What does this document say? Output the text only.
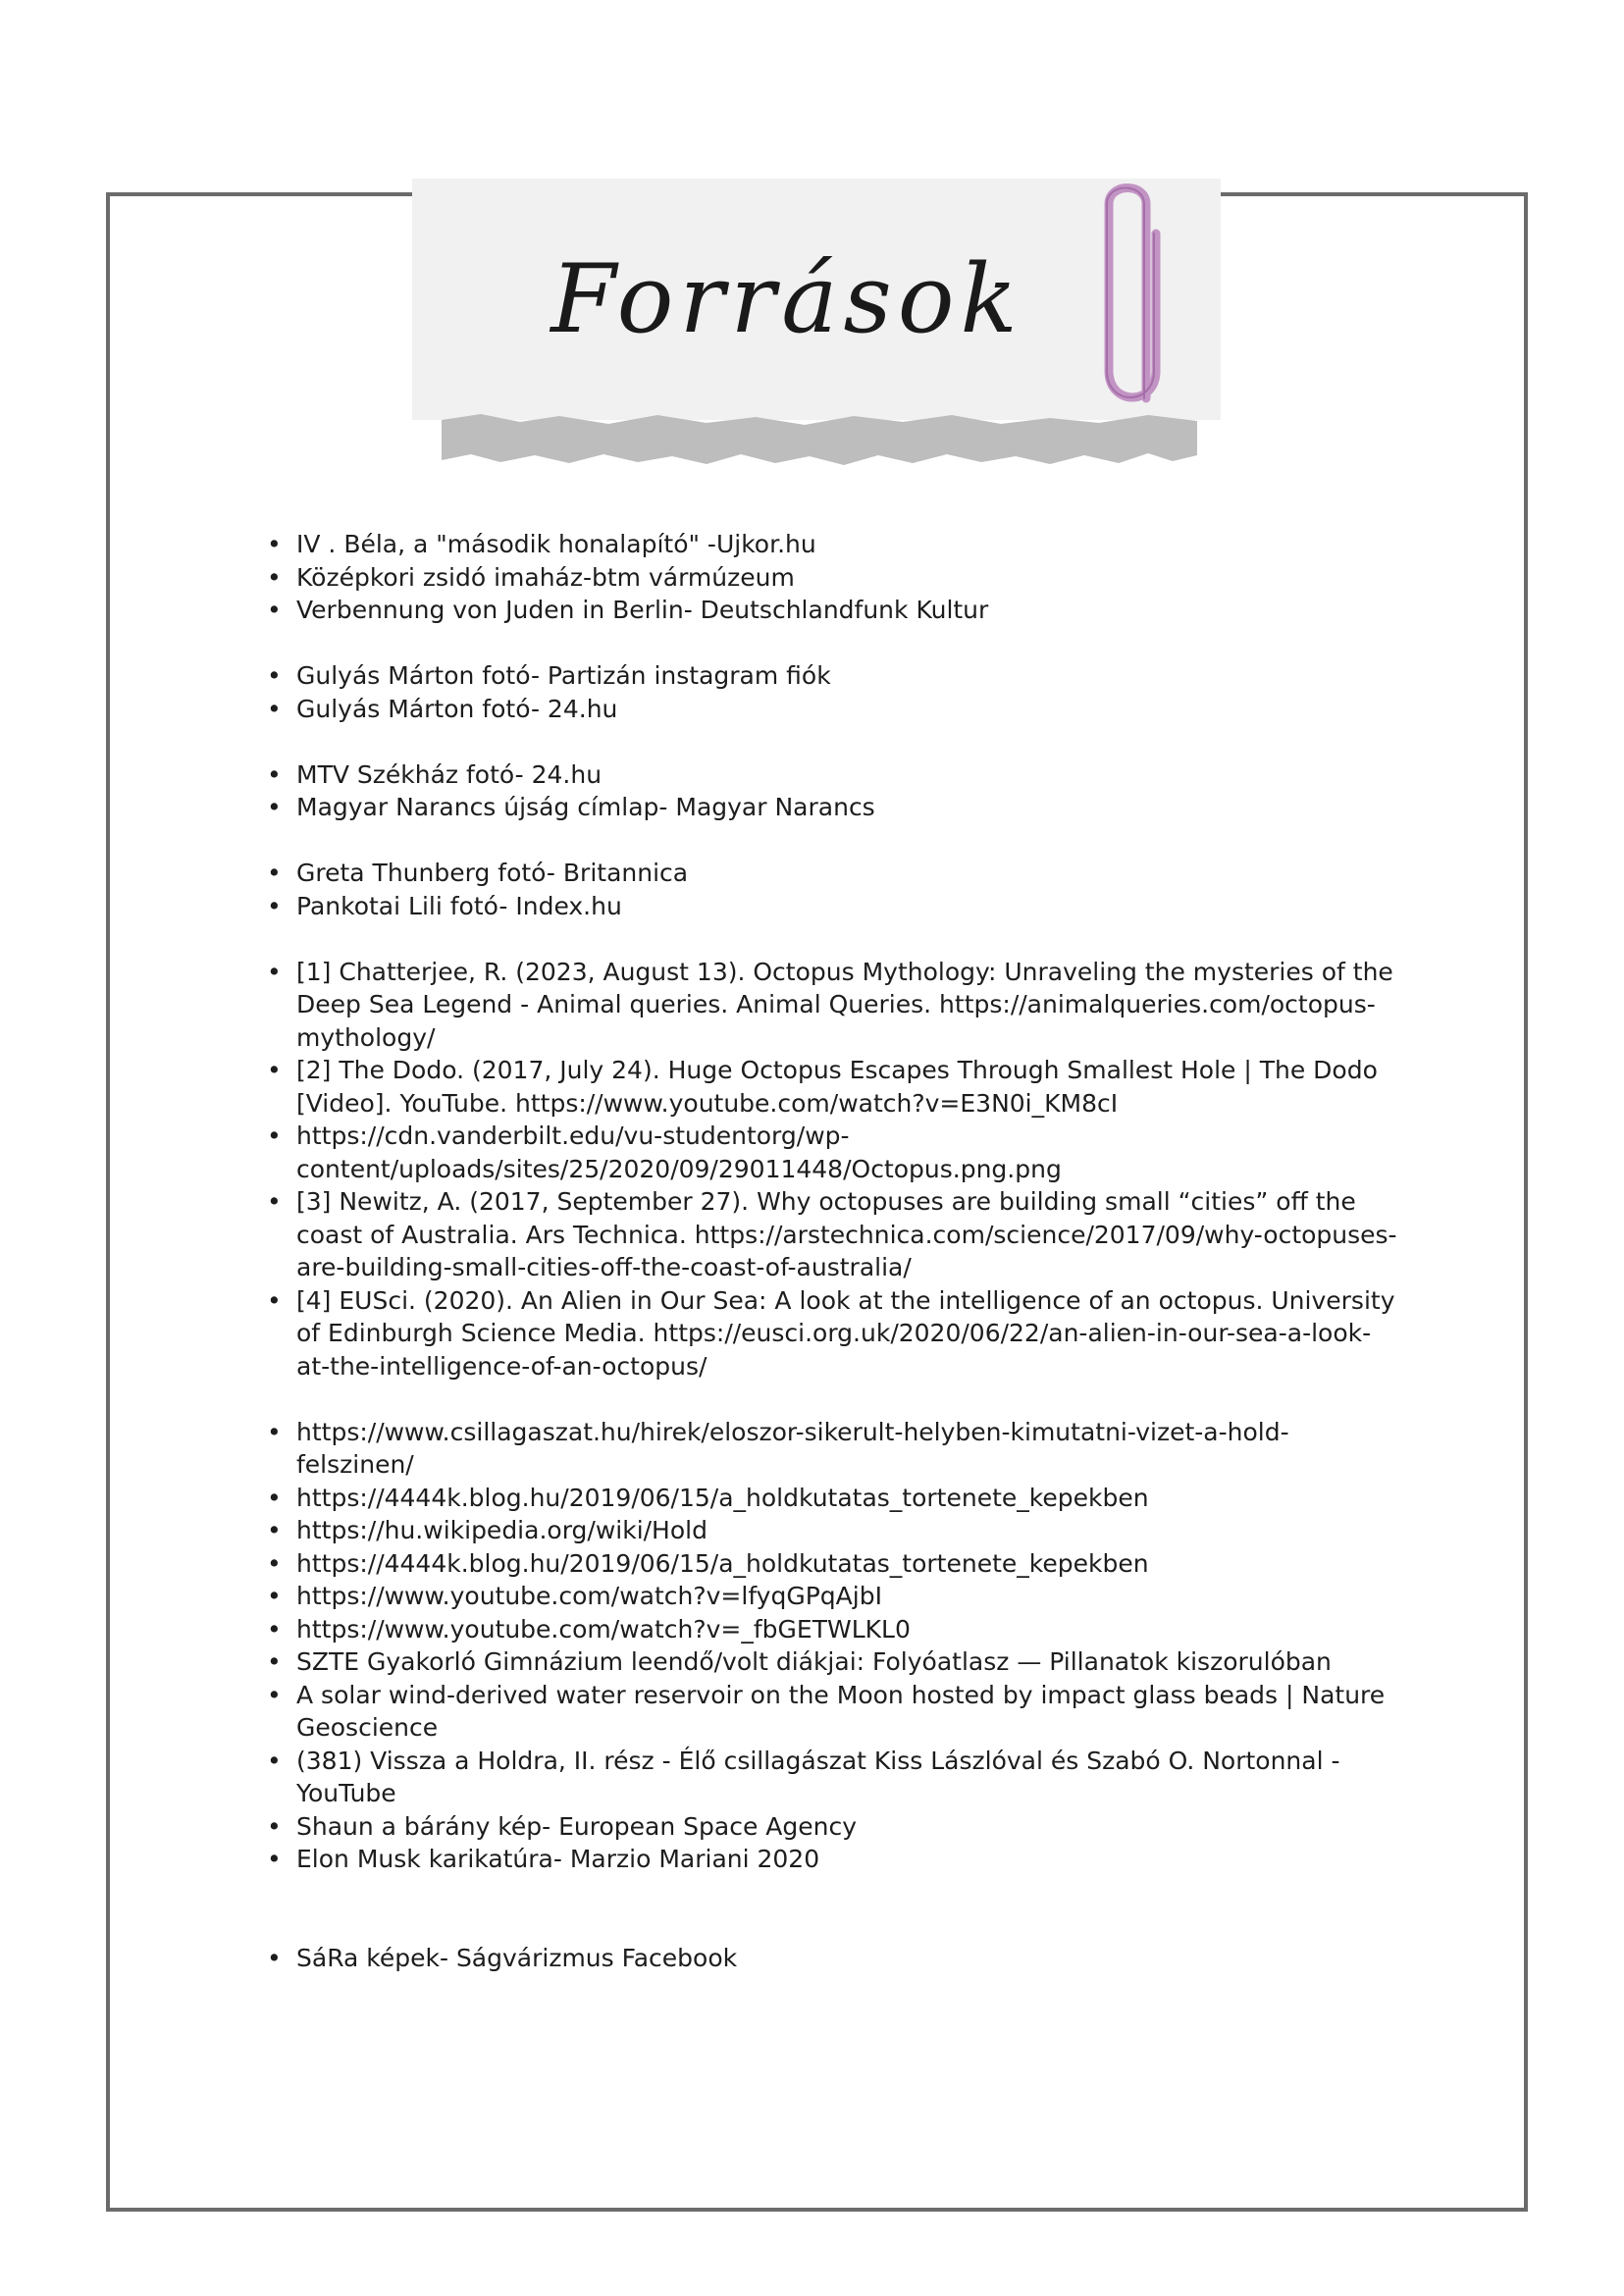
Források
• IV . Béla, a "második honalapító" -Ujkor.hu
• Középkori zsidó imaház-btm vármúzeum
• Verbennung von Juden in Berlin- Deutschlandfunk Kultur
• Gulyás Márton fotó- Partizán instagram fiók
• Gulyás Márton fotó- 24.hu
• MTV Székház fotó- 24.hu
• Magyar Narancs újság címlap- Magyar Narancs
• Greta Thunberg fotó- Britannica
• Pankotai Lili fotó- Index.hu
• [1] Chatterjee, R. (2023, August 13). Octopus Mythology: Unraveling the mysteries of the Deep Sea Legend - Animal queries. Animal Queries. https://animalqueries.com/octopus-mythology/
• [2] The Dodo. (2017, July 24). Huge Octopus Escapes Through Smallest Hole | The Dodo [Video]. YouTube. https://www.youtube.com/watch?v=E3N0i_KM8cI
• https://cdn.vanderbilt.edu/vu-studentorg/wp-content/uploads/sites/25/2020/09/29011448/Octopus.png.png
• [3] Newitz, A. (2017, September 27). Why octopuses are building small “cities” off the coast of Australia. Ars Technica. https://arstechnica.com/science/2017/09/why-octopuses-are-building-small-cities-off-the-coast-of-australia/
• [4] EUSci. (2020). An Alien in Our Sea: A look at the intelligence of an octopus. University of Edinburgh Science Media. https://eusci.org.uk/2020/06/22/an-alien-in-our-sea-a-look-at-the-intelligence-of-an-octopus/
• https://www.csillagaszat.hu/hirek/eloszor-sikerult-helyben-kimutatni-vizet-a-hold-felszinen/
• https://4444k.blog.hu/2019/06/15/a_holdkutatas_tortenete_kepekben
• https://hu.wikipedia.org/wiki/Hold
• https://4444k.blog.hu/2019/06/15/a_holdkutatas_tortenete_kepekben
• https://www.youtube.com/watch?v=lfyqGPqAjbI
• https://www.youtube.com/watch?v=_fbGETWLKL0
• SZTE Gyakorló Gimnázium leendő/volt diákjai: Folyóatlasz — Pillanatok kiszorulóban
• A solar wind-derived water reservoir on the Moon hosted by impact glass beads | Nature Geoscience
• (381) Vissza a Holdra, II. rész - Élő csillagászat Kiss Lászlóval és Szabó O. Nortonnal - YouTube
• Shaun a bárány kép- European Space Agency
• Elon Musk karikatúra- Marzio Mariani 2020
• SáRa képek- Ságvárizmus Facebook
